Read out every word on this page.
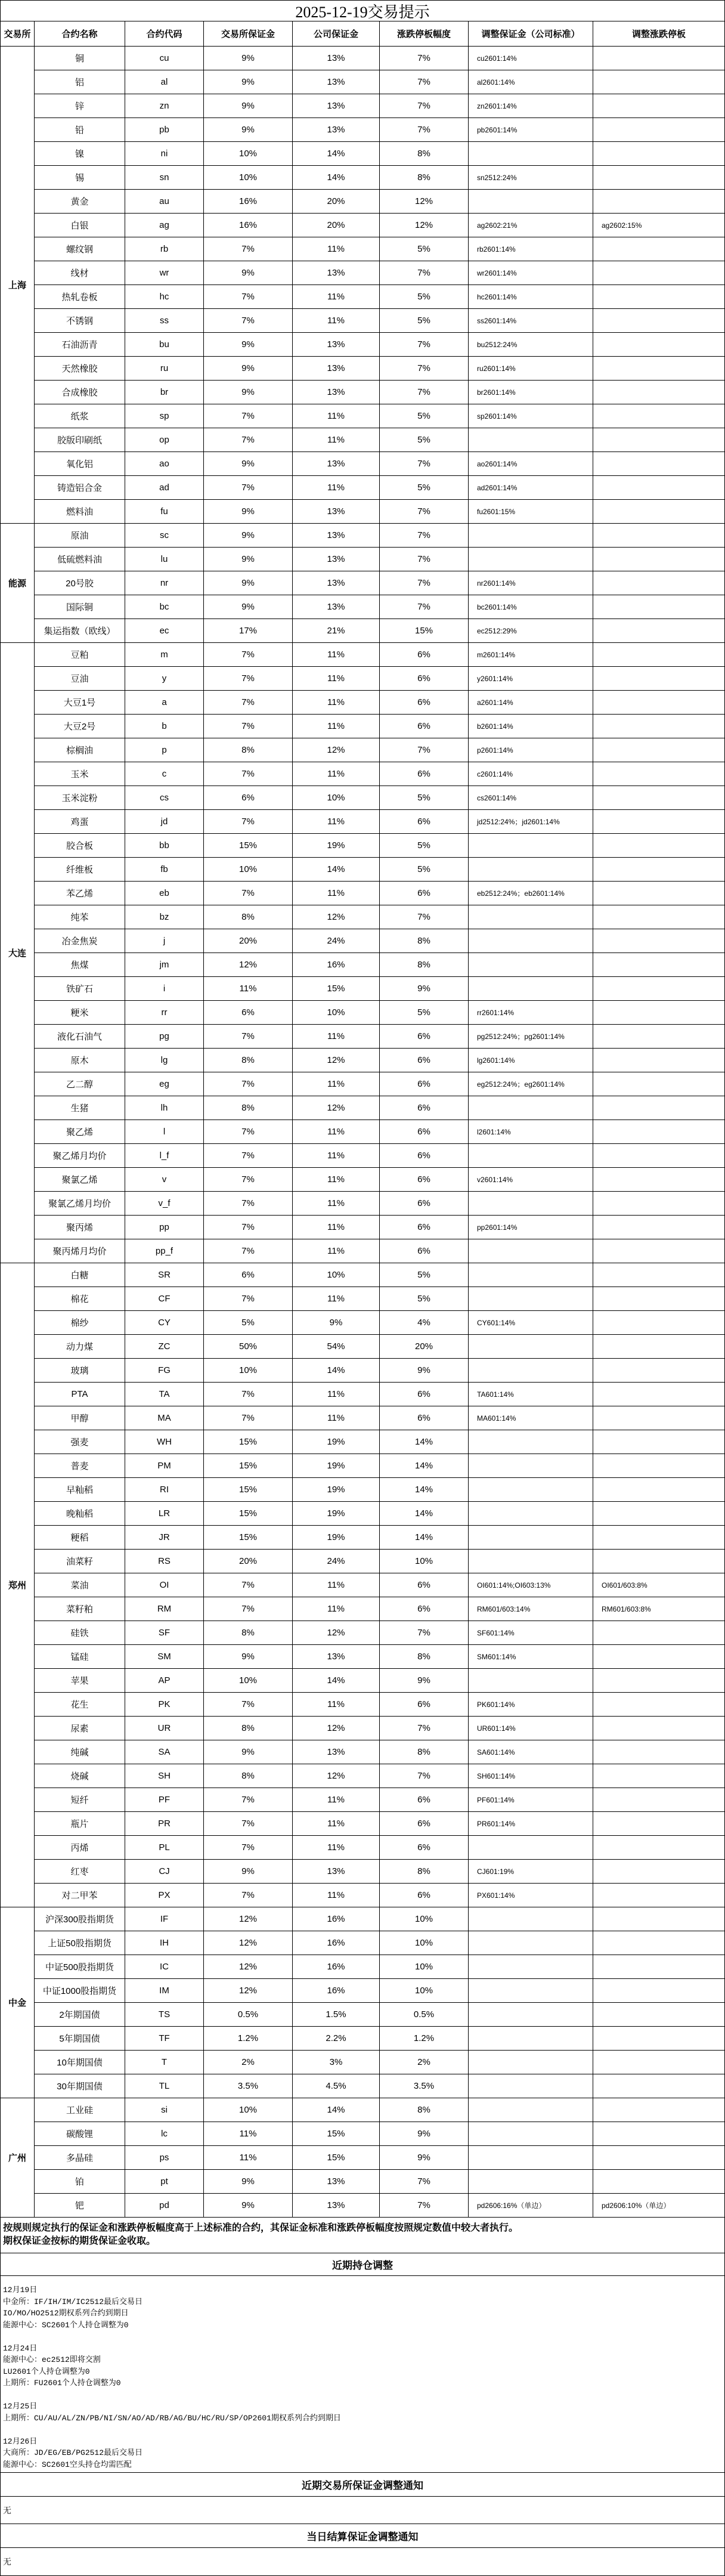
2025-12-19交易提示
交易所	合约名称	合约代码	交易所保证金	公司保证金	涨跌停板幅度	调整保证金（公司标准）	调整涨跌停板
上海
铜	cu	9%	13%	7%	cu2601:14%
铝	al	9%	13%	7%	al2601:14%
锌	zn	9%	13%	7%	zn2601:14%
铅	pb	9%	13%	7%	pb2601:14%
镍	ni	10%	14%	8%
锡	sn	10%	14%	8%	sn2512:24%
黄金	au	16%	20%	12%
白银	ag	16%	20%	12%	ag2602:21%	ag2602:15%
螺纹钢	rb	7%	11%	5%	rb2601:14%
线材	wr	9%	13%	7%	wr2601:14%
热轧卷板	hc	7%	11%	5%	hc2601:14%
不锈钢	ss	7%	11%	5%	ss2601:14%
石油沥青	bu	9%	13%	7%	bu2512:24%
天然橡胶	ru	9%	13%	7%	ru2601:14%
合成橡胶	br	9%	13%	7%	br2601:14%
纸浆	sp	7%	11%	5%	sp2601:14%
胶版印刷纸	op	7%	11%	5%
氧化铝	ao	9%	13%	7%	ao2601:14%
铸造铝合金	ad	7%	11%	5%	ad2601:14%
燃料油	fu	9%	13%	7%	fu2601:15%
能源
原油	sc	9%	13%	7%
低硫燃料油	lu	9%	13%	7%
20号胶	nr	9%	13%	7%	nr2601:14%
国际铜	bc	9%	13%	7%	bc2601:14%
集运指数（欧线）	ec	17%	21%	15%	ec2512:29%
大连
豆粕	m	7%	11%	6%	m2601:14%
豆油	y	7%	11%	6%	y2601:14%
大豆1号	a	7%	11%	6%	a2601:14%
大豆2号	b	7%	11%	6%	b2601:14%
棕榈油	p	8%	12%	7%	p2601:14%
玉米	c	7%	11%	6%	c2601:14%
玉米淀粉	cs	6%	10%	5%	cs2601:14%
鸡蛋	jd	7%	11%	6%	jd2512:24%；jd2601:14%
胶合板	bb	15%	19%	5%
纤维板	fb	10%	14%	5%
苯乙烯	eb	7%	11%	6%	eb2512:24%；eb2601:14%
纯苯	bz	8%	12%	7%
冶金焦炭	j	20%	24%	8%
焦煤	jm	12%	16%	8%
铁矿石	i	11%	15%	9%
粳米	rr	6%	10%	5%	rr2601:14%
液化石油气	pg	7%	11%	6%	pg2512:24%；pg2601:14%
原木	lg	8%	12%	6%	lg2601:14%
乙二醇	eg	7%	11%	6%	eg2512:24%；eg2601:14%
生猪	lh	8%	12%	6%
聚乙烯	l	7%	11%	6%	l2601:14%
聚乙烯月均价	l_f	7%	11%	6%
聚氯乙烯	v	7%	11%	6%	v2601:14%
聚氯乙烯月均价	v_f	7%	11%	6%
聚丙烯	pp	7%	11%	6%	pp2601:14%
聚丙烯月均价	pp_f	7%	11%	6%
郑州
白糖	SR	6%	10%	5%
棉花	CF	7%	11%	5%
棉纱	CY	5%	9%	4%	CY601:14%
动力煤	ZC	50%	54%	20%
玻璃	FG	10%	14%	9%
PTA	TA	7%	11%	6%	TA601:14%
甲醇	MA	7%	11%	6%	MA601:14%
强麦	WH	15%	19%	14%
普麦	PM	15%	19%	14%
早籼稻	RI	15%	19%	14%
晚籼稻	LR	15%	19%	14%
粳稻	JR	15%	19%	14%
油菜籽	RS	20%	24%	10%
菜油	OI	7%	11%	6%	OI601:14%;OI603:13%	OI601/603:8%
菜籽粕	RM	7%	11%	6%	RM601/603:14%	RM601/603:8%
硅铁	SF	8%	12%	7%	SF601:14%
锰硅	SM	9%	13%	8%	SM601:14%
苹果	AP	10%	14%	9%
花生	PK	7%	11%	6%	PK601:14%
尿素	UR	8%	12%	7%	UR601:14%
纯碱	SA	9%	13%	8%	SA601:14%
烧碱	SH	8%	12%	7%	SH601:14%
短纤	PF	7%	11%	6%	PF601:14%
瓶片	PR	7%	11%	6%	PR601:14%
丙烯	PL	7%	11%	6%
红枣	CJ	9%	13%	8%	CJ601:19%
对二甲苯	PX	7%	11%	6%	PX601:14%
中金
沪深300股指期货	IF	12%	16%	10%
上证50股指期货	IH	12%	16%	10%
中证500股指期货	IC	12%	16%	10%
中证1000股指期货	IM	12%	16%	10%
2年期国债	TS	0.5%	1.5%	0.5%
5年期国债	TF	1.2%	2.2%	1.2%
10年期国债	T	2%	3%	2%
30年期国债	TL	3.5%	4.5%	3.5%
广州
工业硅	si	10%	14%	8%
碳酸锂	lc	11%	15%	9%
多晶硅	ps	11%	15%	9%
铂	pt	9%	13%	7%
钯	pd	9%	13%	7%	pd2606:16%（单边）	pd2606:10%（单边）
按规则规定执行的保证金和涨跌停板幅度高于上述标准的合约，其保证金标准和涨跌停板幅度按照规定数值中较大者执行。
期权保证金按标的期货保证金收取。
近期持仓调整
12月19日
中金所：IF/IH/IM/IC2512最后交易日
IO/MO/HO2512期权系列合约到期日
能源中心：SC2601个人持仓调整为0
12月24日
能源中心：ec2512即将交割
LU2601个人持仓调整为0
上期所：FU2601个人持仓调整为0
12月25日
上期所：CU/AU/AL/ZN/PB/NI/SN/AO/AD/RB/AG/BU/HC/RU/SP/OP2601期权系列合约到期日
12月26日
大商所：JD/EG/EB/PG2512最后交易日
能源中心：SC2601空头持仓均需匹配
近期交易所保证金调整通知
无
当日结算保证金调整通知
无
